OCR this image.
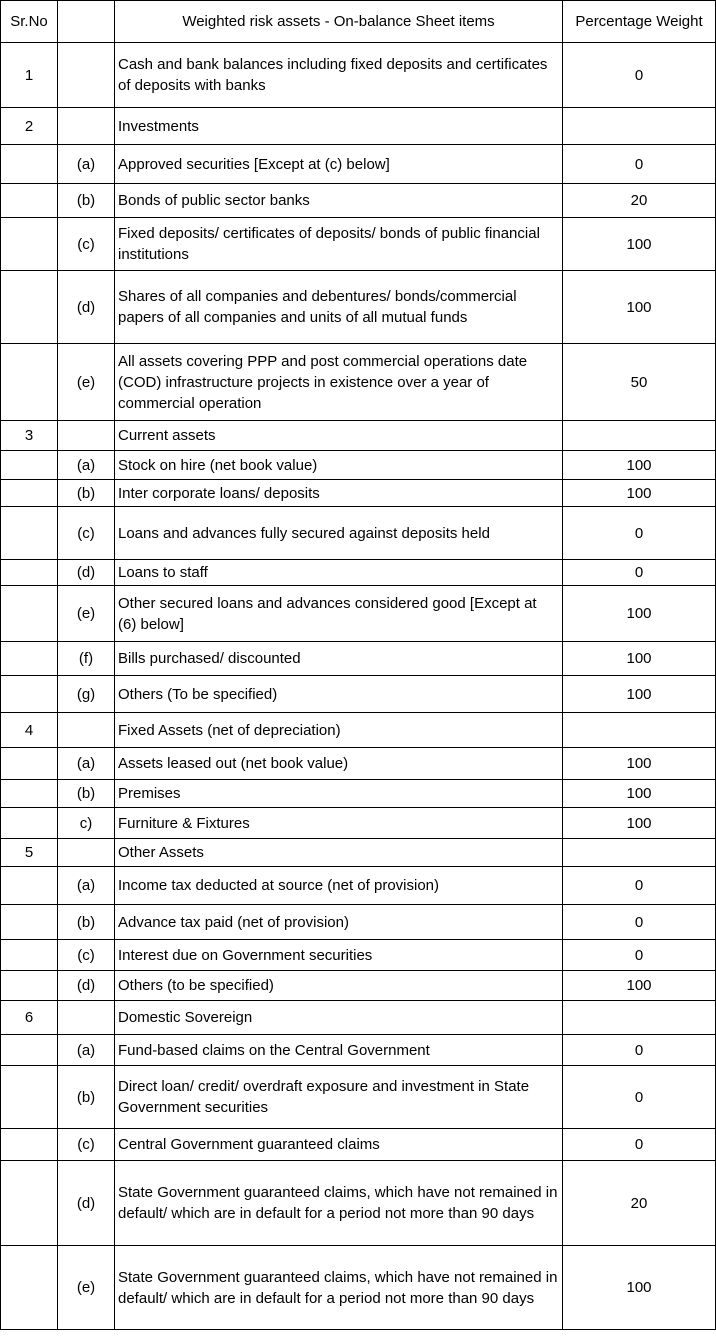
Sr.No		Weighted risk assets - On-balance Sheet items	Percentage Weight
1		Cash and bank balances including fixed deposits and certificates of deposits with banks	0
2		Investments	
	(a)	Approved securities [Except at (c) below]	0
	(b)	Bonds of public sector banks	20
	(c)	Fixed deposits/ certificates of deposits/ bonds of public financial institutions	100
	(d)	Shares of all companies and debentures/ bonds/commercial papers of all companies and units of all mutual funds	100
	(e)	All assets covering PPP and post commercial operations date (COD) infrastructure projects in existence over a year of commercial operation	50
3		Current assets	
	(a)	Stock on hire (net book value)	100
	(b)	Inter corporate loans/ deposits	100
	(c)	Loans and advances fully secured against deposits held	0
	(d)	Loans to staff	0
	(e)	Other secured loans and advances considered good [Except at (6) below]	100
	(f)	Bills purchased/ discounted	100
	(g)	Others (To be specified)	100
4		Fixed Assets (net of depreciation)	
	(a)	Assets leased out (net book value)	100
	(b)	Premises	100
	c)	Furniture & Fixtures	100
5		Other Assets	
	(a)	Income tax deducted at source (net of provision)	0
	(b)	Advance tax paid (net of provision)	0
	(c)	Interest due on Government securities	0
	(d)	Others (to be specified)	100
6		Domestic Sovereign	
	(a)	Fund-based claims on the Central Government	0
	(b)	Direct loan/ credit/ overdraft exposure and investment in State Government securities	0
	(c)	Central Government guaranteed claims	0
	(d)	State Government guaranteed claims, which have not remained in default/ which are in default for a period not more than 90 days	20
	(e)	State Government guaranteed claims, which have not remained in default/ which are in default for a period not more than 90 days	100
